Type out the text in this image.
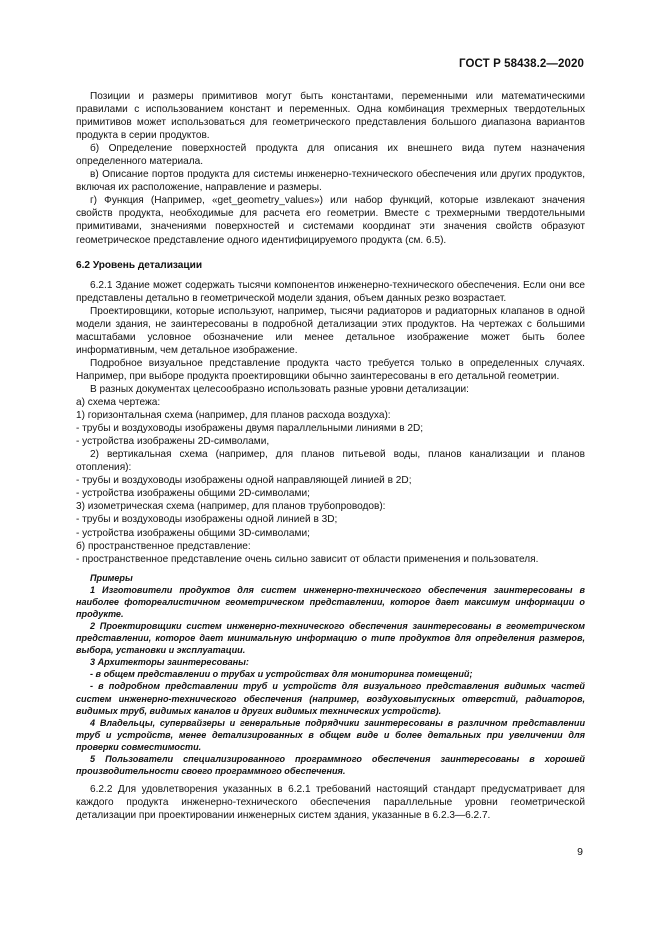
ГОСТ Р 58438.2—2020

Позиции и размеры примитивов могут быть константами, переменными или математическими правилами с использованием констант и переменных. Одна комбинация трехмерных твердотельных примитивов может использоваться для геометрического представления большого диапазона вариантов продукта в серии продуктов.

б) Определение поверхностей продукта для описания их внешнего вида путем назначения определенного материала.

в) Описание портов продукта для системы инженерно-технического обеспечения или других продуктов, включая их расположение, направление и размеры.

г) Функция (Например, «get_geometry_values») или набор функций, которые извлекают значения свойств продукта, необходимые для расчета его геометрии. Вместе с трехмерными твердотельными примитивами, значениями поверхностей и системами координат эти значения свойств образуют геометрическое представление одного идентифицируемого продукта (см. 6.5).

6.2 Уровень детализации

6.2.1 Здание может содержать тысячи компонентов инженерно-технического обеспечения. Если они все представлены детально в геометрической модели здания, объем данных резко возрастает.

Проектировщики, которые используют, например, тысячи радиаторов и радиаторных клапанов в одной модели здания, не заинтересованы в подробной детализации этих продуктов. На чертежах с большими масштабами условное обозначение или менее детальное изображение может быть более информативным, чем детальное изображение.

Подробное визуальное представление продукта часто требуется только в определенных случаях. Например, при выборе продукта проектировщики обычно заинтересованы в его детальной геометрии.

В разных документах целесообразно использовать разные уровни детализации:

а) схема чертежа:

1) горизонтальная схема (например, для планов расхода воздуха):

- трубы и воздуховоды изображены двумя параллельными линиями в 2D;

- устройства изображены 2D-символами,

2) вертикальная схема (например, для планов питьевой воды, планов канализации и планов отопления):

- трубы и воздуховоды изображены одной направляющей линией в 2D;

- устройства изображены общими 2D-символами;

3) изометрическая схема (например, для планов трубопроводов):

- трубы и воздуховоды изображены одной линией в 3D;

- устройства изображены общими 3D-символами;

б) пространственное представление:

- пространственное представление очень сильно зависит от области применения и пользователя.

Примеры

1 Изготовители продуктов для систем инженерно-технического обеспечения заинтересованы в наиболее фотореалистичном геометрическом представлении, которое дает максимум информации о продукте.

2 Проектировщики систем инженерно-технического обеспечения заинтересованы в геометрическом представлении, которое дает минимальную информацию о типе продуктов для определения размеров, выбора, установки и эксплуатации.

3 Архитекторы заинтересованы:

- в общем представлении о трубах и устройствах для мониторинга помещений;

- в подробном представлении труб и устройств для визуального представления видимых частей систем инженерно-технического обеспечения (например, воздуховыпускных отверстий, радиаторов, видимых труб, видимых каналов и других видимых технических устройств).

4 Владельцы, супервайзеры и генеральные подрядчики заинтересованы в различном представлении труб и устройств, менее детализированных в общем виде и более детальных при увеличении для проверки совместимости.

5 Пользователи специализированного программного обеспечения заинтересованы в хорошей производительности своего программного обеспечения.

6.2.2 Для удовлетворения указанных в 6.2.1 требований настоящий стандарт предусматривает для каждого продукта инженерно-технического обеспечения параллельные уровни геометрической детализации при проектировании инженерных систем здания, указанные в 6.2.3—6.2.7.

9
